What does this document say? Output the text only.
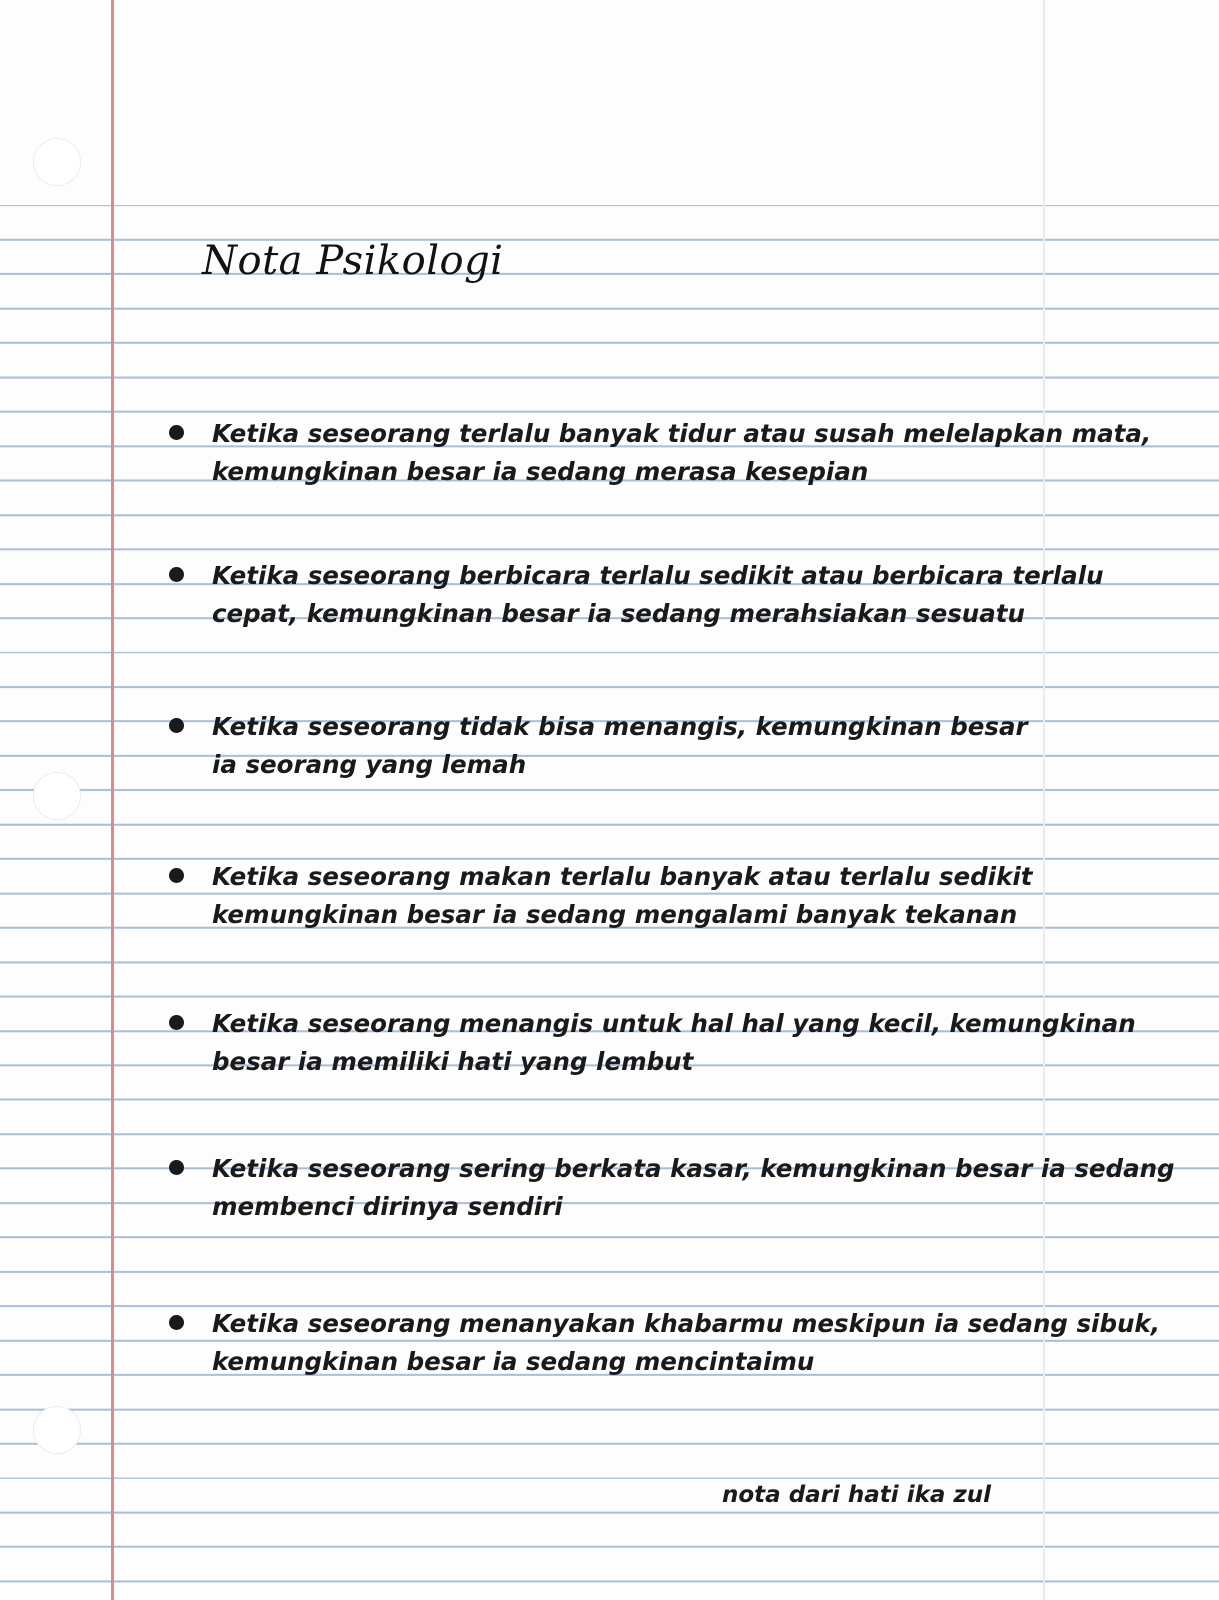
Nota Psikologi
Ketika seseorang terlalu banyak tidur atau susah melelapkan mata,
kemungkinan besar ia sedang merasa kesepian
Ketika seseorang berbicara terlalu sedikit atau berbicara terlalu
cepat, kemungkinan besar ia sedang merahsiakan sesuatu
Ketika seseorang tidak bisa menangis, kemungkinan besar
ia seorang yang lemah
Ketika seseorang makan terlalu banyak atau terlalu sedikit
kemungkinan besar ia sedang mengalami banyak tekanan
Ketika seseorang menangis untuk hal hal yang kecil, kemungkinan
besar ia memiliki hati yang lembut
Ketika seseorang sering berkata kasar, kemungkinan besar ia sedang
membenci dirinya sendiri
Ketika seseorang menanyakan khabarmu meskipun ia sedang sibuk,
kemungkinan besar ia sedang mencintaimu
nota dari hati ika zul
